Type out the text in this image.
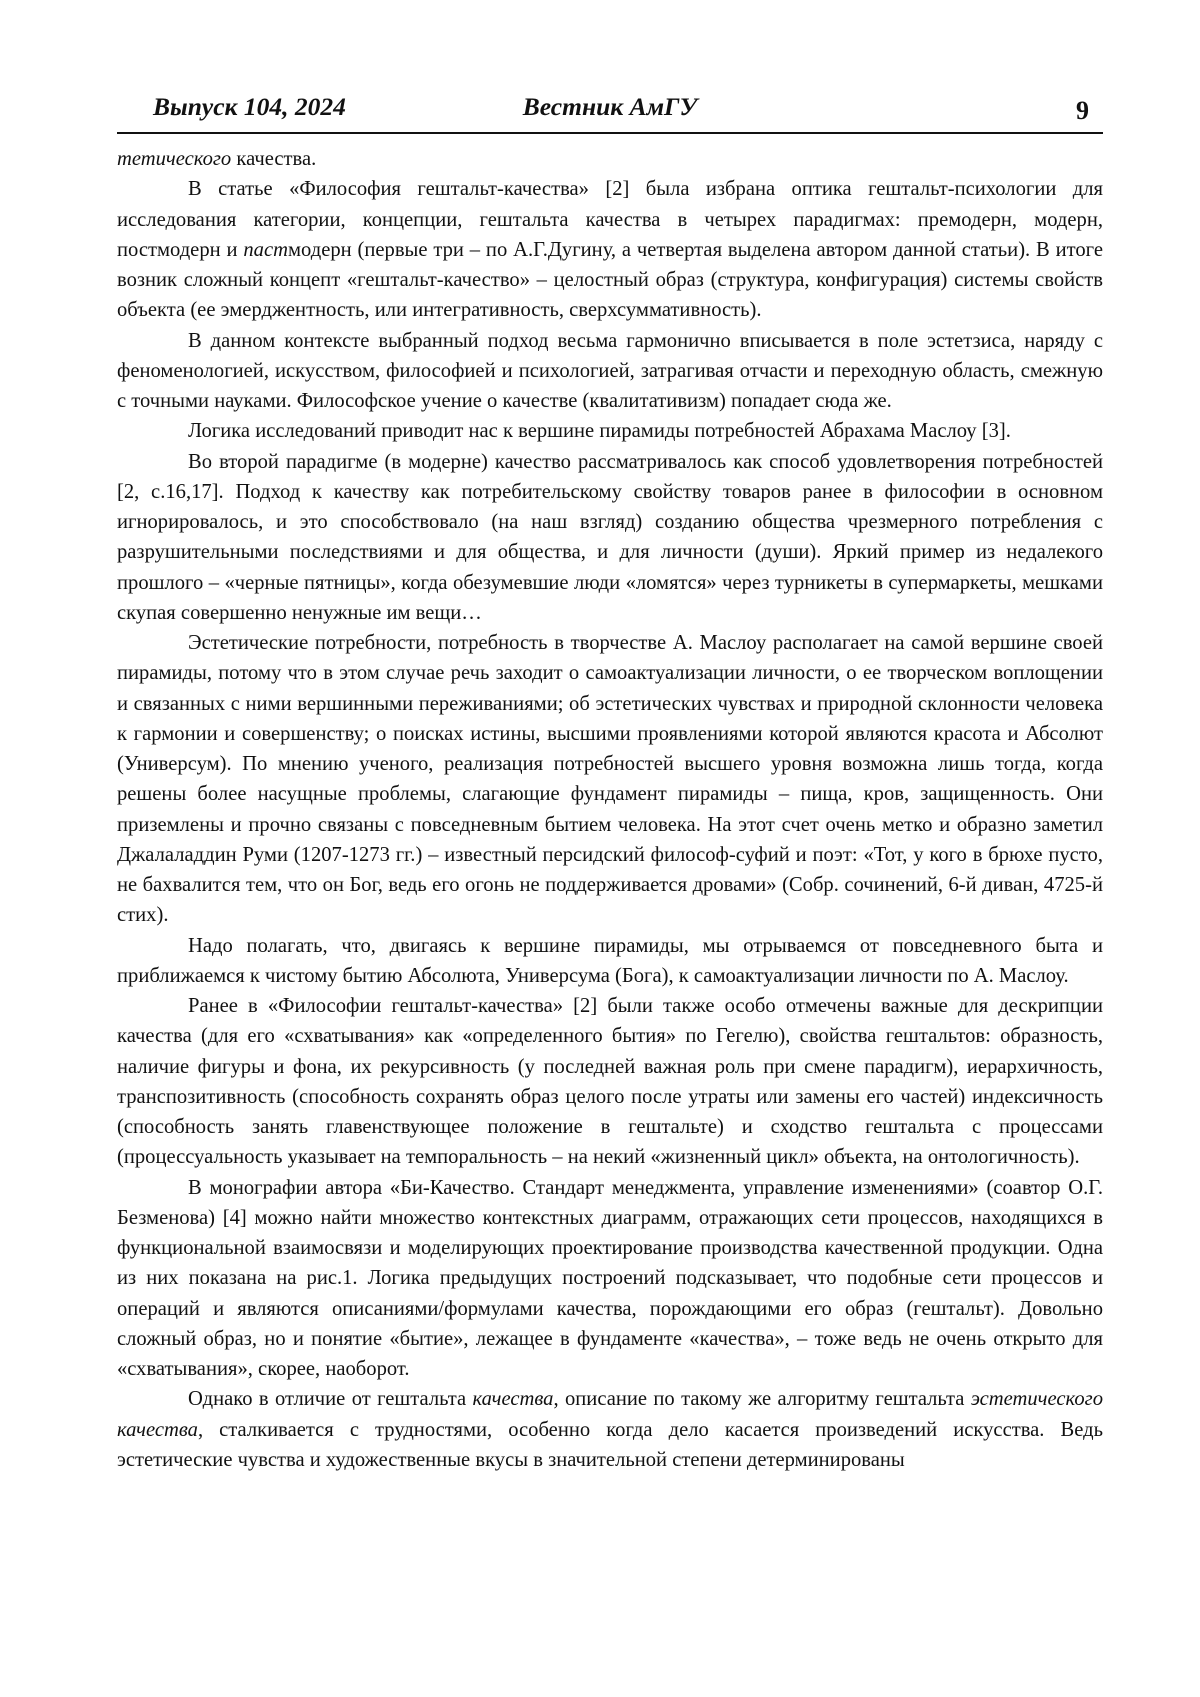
Выпуск 104, 2024	Вестник АмГУ	9

тетического качества.

В статье «Философия гештальт-качества» [2] была избрана оптика гештальт-психологии для исследования категории, концепции, гештальта качества в четырех парадигмах: премодерн, модерн, постмодерн и пастмодерн (первые три – по А.Г.Дугину, а четвертая выделена автором данной статьи). В итоге возник сложный концепт «гештальт-качество» – целостный образ (структура, конфигурация) системы свойств объекта (ее эмерджентность, или интегративность, сверхсуммативность).

В данном контексте выбранный подход весьма гармонично вписывается в поле эстетзиса, наряду с феноменологией, искусством, философией и психологией, затрагивая отчасти и переходную область, смежную с точными науками. Философское учение о качестве (квалитативизм) попадает сюда же.

Логика исследований приводит нас к вершине пирамиды потребностей Абрахама Маслоу [3].

Во второй парадигме (в модерне) качество рассматривалось как способ удовлетворения потребностей [2, с.16,17]. Подход к качеству как потребительскому свойству товаров ранее в философии в основном игнорировалось, и это способствовало (на наш взгляд) созданию общества чрезмерного потребления с разрушительными последствиями и для общества, и для личности (души). Яркий пример из недалекого прошлого – «черные пятницы», когда обезумевшие люди «ломятся» через турникеты в супермаркеты, мешками скупая совершенно ненужные им вещи…

Эстетические потребности, потребность в творчестве А. Маслоу располагает на самой вершине своей пирамиды, потому что в этом случае речь заходит о самоактуализации личности, о ее творческом воплощении и связанных с ними вершинными переживаниями; об эстетических чувствах и природной склонности человека к гармонии и совершенству; о поисках истины, высшими проявлениями которой являются красота и Абсолют (Универсум). По мнению ученого, реализация потребностей высшего уровня возможна лишь тогда, когда решены более насущные проблемы, слагающие фундамент пирамиды – пища, кров, защищенность. Они приземлены и прочно связаны с повседневным бытием человека. На этот счет очень метко и образно заметил Джалаладдин Руми (1207-1273 гг.) – известный персидский философ-суфий и поэт: «Тот, у кого в брюхе пусто, не бахвалится тем, что он Бог, ведь его огонь не поддерживается дровами» (Собр. сочинений, 6-й диван, 4725-й стих).

Надо полагать, что, двигаясь к вершине пирамиды, мы отрываемся от повседневного быта и приближаемся к чистому бытию Абсолюта, Универсума (Бога), к самоактуализации личности по А. Маслоу.

Ранее в «Философии гештальт-качества» [2] были также особо отмечены важные для дескрипции качества (для его «схватывания» как «определенного бытия» по Гегелю), свойства гештальтов: образность, наличие фигуры и фона, их рекурсивность (у последней важная роль при смене парадигм), иерархичность, транспозитивность (способность сохранять образ целого после утраты или замены его частей) индексичность (способность занять главенствующее положение в гештальте) и сходство гештальта с процессами (процессуальность указывает на темпоральность – на некий «жизненный цикл» объекта, на онтологичность).

В монографии автора «Би-Качество. Стандарт менеджмента, управление изменениями» (соавтор О.Г. Безменова) [4] можно найти множество контекстных диаграмм, отражающих сети процессов, находящихся в функциональной взаимосвязи и моделирующих проектирование производства качественной продукции. Одна из них показана на рис.1. Логика предыдущих построений подсказывает, что подобные сети процессов и операций и являются описаниями/формулами качества, порождающими его образ (гештальт). Довольно сложный образ, но и понятие «бытие», лежащее в фундаменте «качества», – тоже ведь не очень открыто для «схватывания», скорее, наоборот.

Однако в отличие от гештальта качества, описание по такому же алгоритму гештальта эстетического качества, сталкивается с трудностями, особенно когда дело касается произведений искусства. Ведь эстетические чувства и художественные вкусы в значительной степени детерминированы
